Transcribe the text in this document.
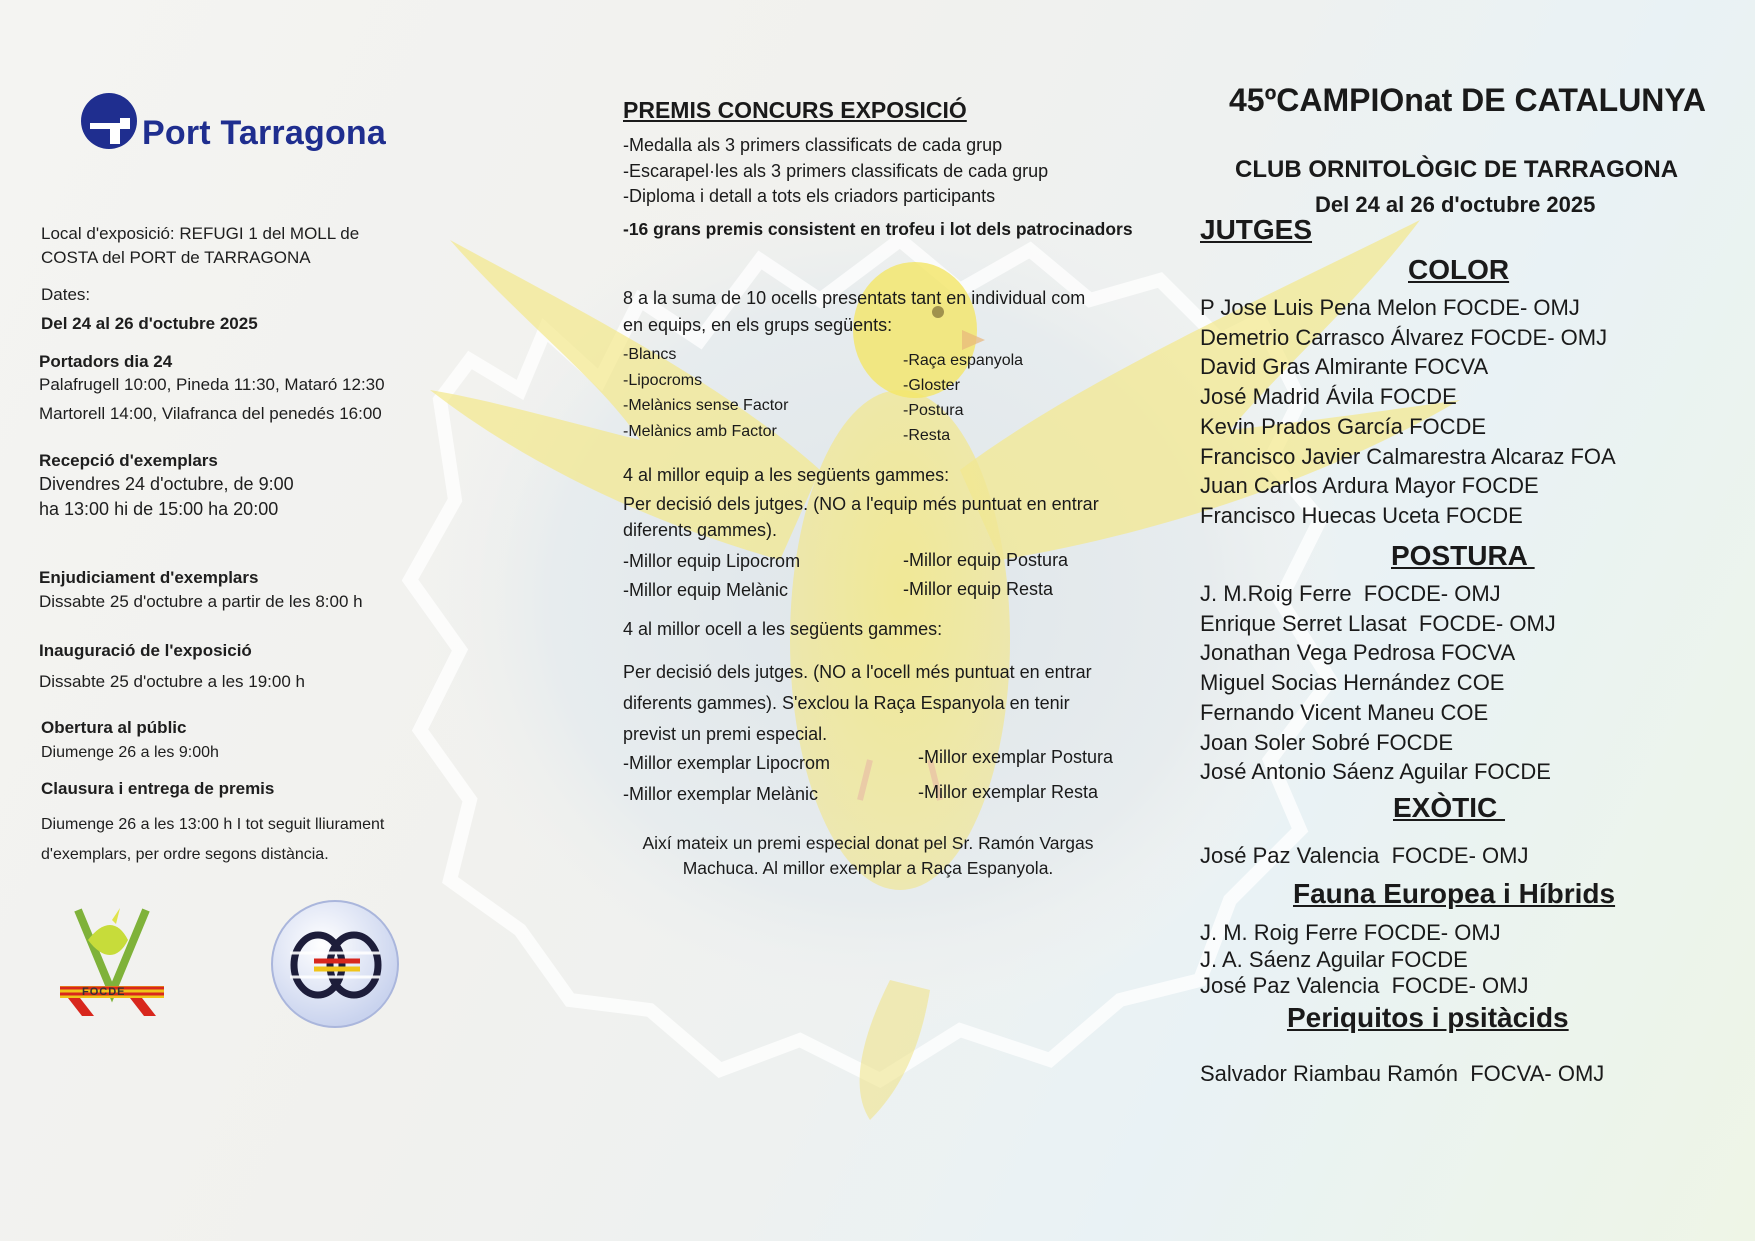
Port Tarragona
Local d'exposició: REFUGI 1 del MOLL de
COSTA del PORT de TARRAGONA
Dates:
Del 24 al 26 d'octubre 2025
Portadors dia 24
Palafrugell 10:00, Pineda 11:30, Mataró 12:30
Martorell 14:00, Vilafranca del penedés 16:00
Recepció d'exemplars
Divendres 24 d'octubre, de 9:00
ha 13:00 hi de 15:00 ha 20:00
Enjudiciament d'exemplars
Dissabte 25 d'octubre a partir de les 8:00 h
Inauguració de l'exposició
Dissabte 25 d'octubre a les 19:00 h
Obertura al públic
Diumenge 26 a les 9:00h
Clausura i entrega de premis
Diumenge 26 a les 13:00 h I tot seguit lliurament
d'exemplars, per ordre segons distància.
FOCDE
PREMIS CONCURS EXPOSICIÓ
-Medalla als 3 primers classificats de cada grup
-Escarapel·les als 3 primers classificats de cada grup
-Diploma i detall a tots els criadors participants
-16 grans premis consistent en trofeu i lot dels patrocinadors
8 a la suma de 10 ocells presentats tant en individual com
en equips, en els grups següents:
-Blancs
-Lipocroms
-Melànics sense Factor
-Melànics amb Factor
-Raça espanyola
-Gloster
-Postura
-Resta
4 al millor equip a les següents gammes:
Per decisió dels jutges. (NO a l'equip més puntuat en entrar
diferents gammes).
-Millor equip Lipocrom
-Millor equip Melànic
-Millor equip Postura
-Millor equip Resta
4 al millor ocell a les següents gammes:
Per decisió dels jutges. (NO a l'ocell més puntuat en entrar
diferents gammes). S'exclou la Raça Espanyola en tenir
previst un premi especial.
-Millor exemplar Lipocrom
-Millor exemplar Melànic
-Millor exemplar Postura
-Millor exemplar Resta
Així mateix un premi especial donat pel Sr. Ramón Vargas
Machuca. Al millor exemplar a Raça Espanyola.
45ºCAMPIOnat DE CATALUNYA
CLUB ORNITOLÒGIC DE TARRAGONA
Del 24 al 26 d'octubre 2025
JUTGES
COLOR
P Jose Luis Pena Melon FOCDE- OMJ
Demetrio Carrasco Álvarez FOCDE- OMJ
David Gras Almirante FOCVA
José Madrid Ávila FOCDE
Kevin Prados García FOCDE
Francisco Javier Calmarestra Alcaraz FOA
Juan Carlos Ardura Mayor FOCDE
Francisco Huecas Uceta FOCDE
POSTURA
J. M.Roig Ferre  FOCDE- OMJ
Enrique Serret Llasat  FOCDE- OMJ
Jonathan Vega Pedrosa FOCVA
Miguel Socias Hernández COE
Fernando Vicent Maneu COE
Joan Soler Sobré FOCDE
José Antonio Sáenz Aguilar FOCDE
EXÒTIC
José Paz Valencia  FOCDE- OMJ
Fauna Europea i Híbrids
J. M. Roig Ferre FOCDE- OMJ
J. A. Sáenz Aguilar FOCDE
José Paz Valencia  FOCDE- OMJ
Periquitos i psitàcids
Salvador Riambau Ramón  FOCVA- OMJ
